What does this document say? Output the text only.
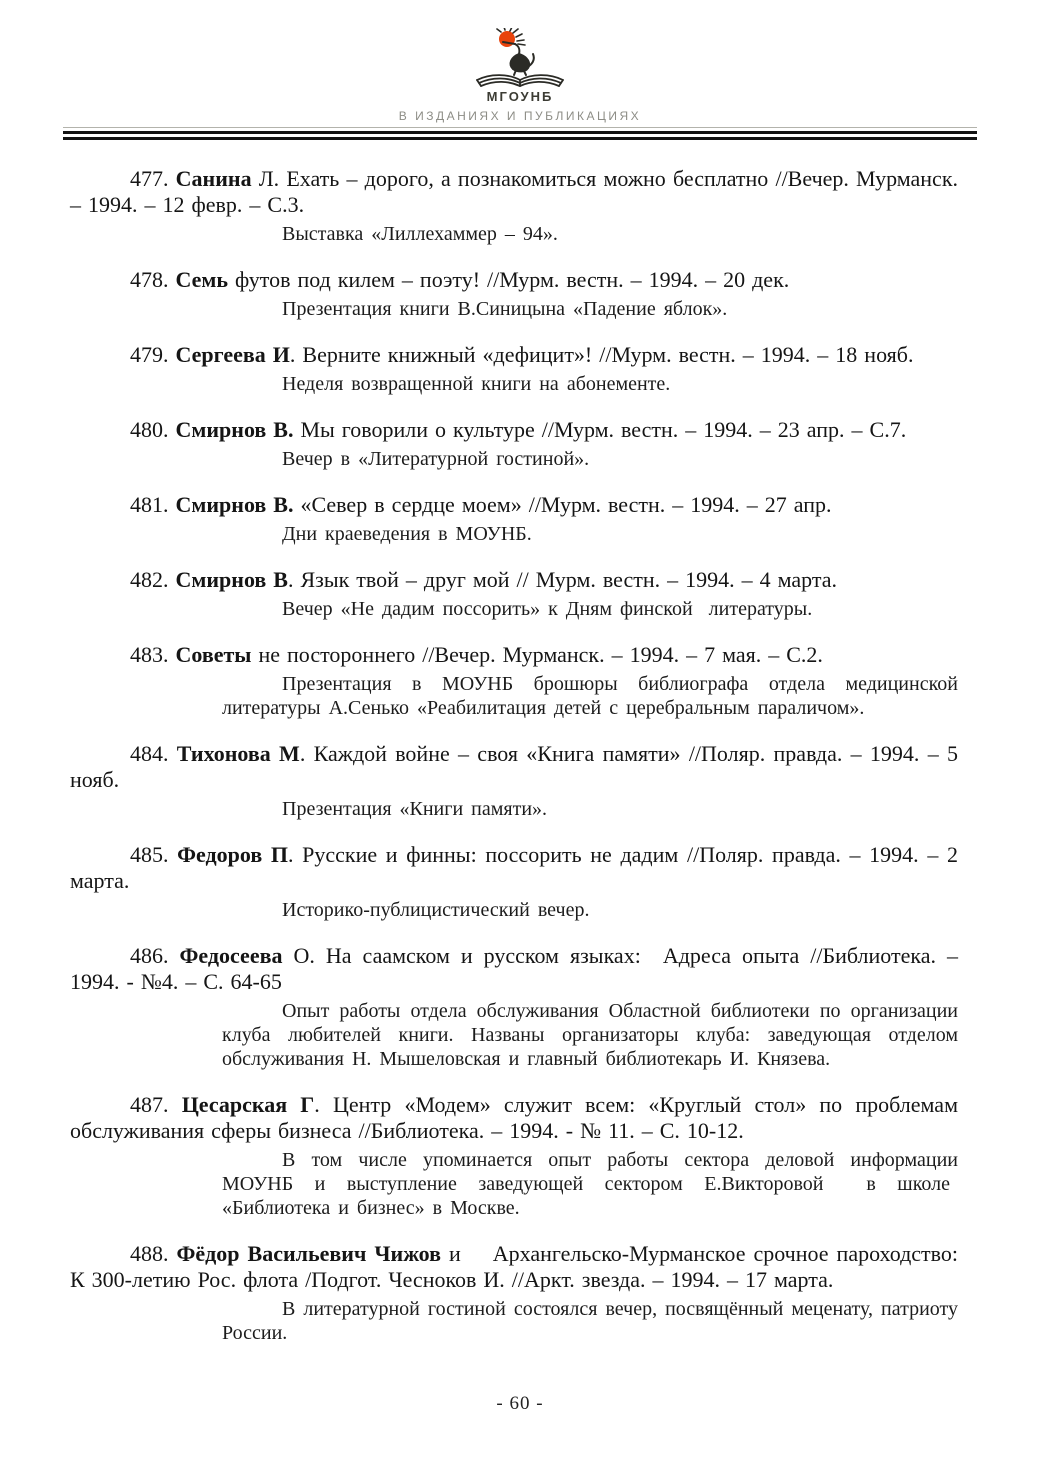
МГОУНБ
В ИЗДАНИЯХ И ПУБЛИКАЦИЯХ

477. Санина Л. Ехать – дорого, а познакомиться можно бесплатно //Вечер. Мурманск. – 1994. – 12 февр. – С.3.

Выставка «Лиллехаммер – 94».

478. Семь футов под килем – поэту! //Мурм. вестн. – 1994. – 20 дек.

Презентация книги В.Синицына «Падение яблок».

479. Сергеева И. Верните книжный «дефицит»! //Мурм. вестн. – 1994. – 18 нояб.

Неделя возвращенной книги на абонементе.

480. Смирнов В. Мы говорили о культуре //Мурм. вестн. – 1994. – 23 апр. – С.7.

Вечер в «Литературной гостиной».

481. Смирнов В. «Север в сердце моем» //Мурм. вестн. – 1994. – 27 апр.

Дни краеведения в МОУНБ.

482. Смирнов В. Язык твой – друг мой // Мурм. вестн. – 1994. – 4 марта.

Вечер «Не дадим поссорить» к Дням финской  литературы.

483. Советы не постороннего //Вечер. Мурманск. – 1994. – 7 мая. – С.2.

Презентация в МОУНБ брошюры библиографа отдела медицинской литературы А.Сенько «Реабилитация детей с церебральным параличом».

484. Тихонова М. Каждой войне – своя «Книга памяти» //Поляр. правда. – 1994. – 5 нояб.

Презентация «Книги памяти».

485. Федоров П. Русские и финны: поссорить не дадим //Поляр. правда. – 1994. – 2 марта.

Историко-публицистический вечер.

486. Федосеева О. На саамском и русском языках:  Адреса опыта //Библиотека. – 1994. - №4. – С. 64-65

Опыт работы отдела обслуживания Областной библиотеки по организации клуба любителей книги. Названы организаторы клуба: заведующая отделом обслуживания Н. Мышеловская и главный библиотекарь И. Князева.

487. Цесарская Г. Центр «Модем» служит всем: «Круглый стол» по проблемам обслуживания сферы бизнеса //Библиотека. – 1994. - № 11. – С. 10-12.

В том числе упоминается опыт работы сектора деловой информации МОУНБ и выступление заведующей сектором Е.Викторовой  в школе  «Библиотека и бизнес» в Москве.

488. Фёдор Васильевич Чижов и    Архангельско-Мурманское срочное пароходство: К 300-летию Рос. флота /Подгот. Чесноков И. //Аркт. звезда. – 1994. – 17 марта.

В литературной гостиной состоялся вечер, посвящённый меценату, патриоту России.

- 60 -
